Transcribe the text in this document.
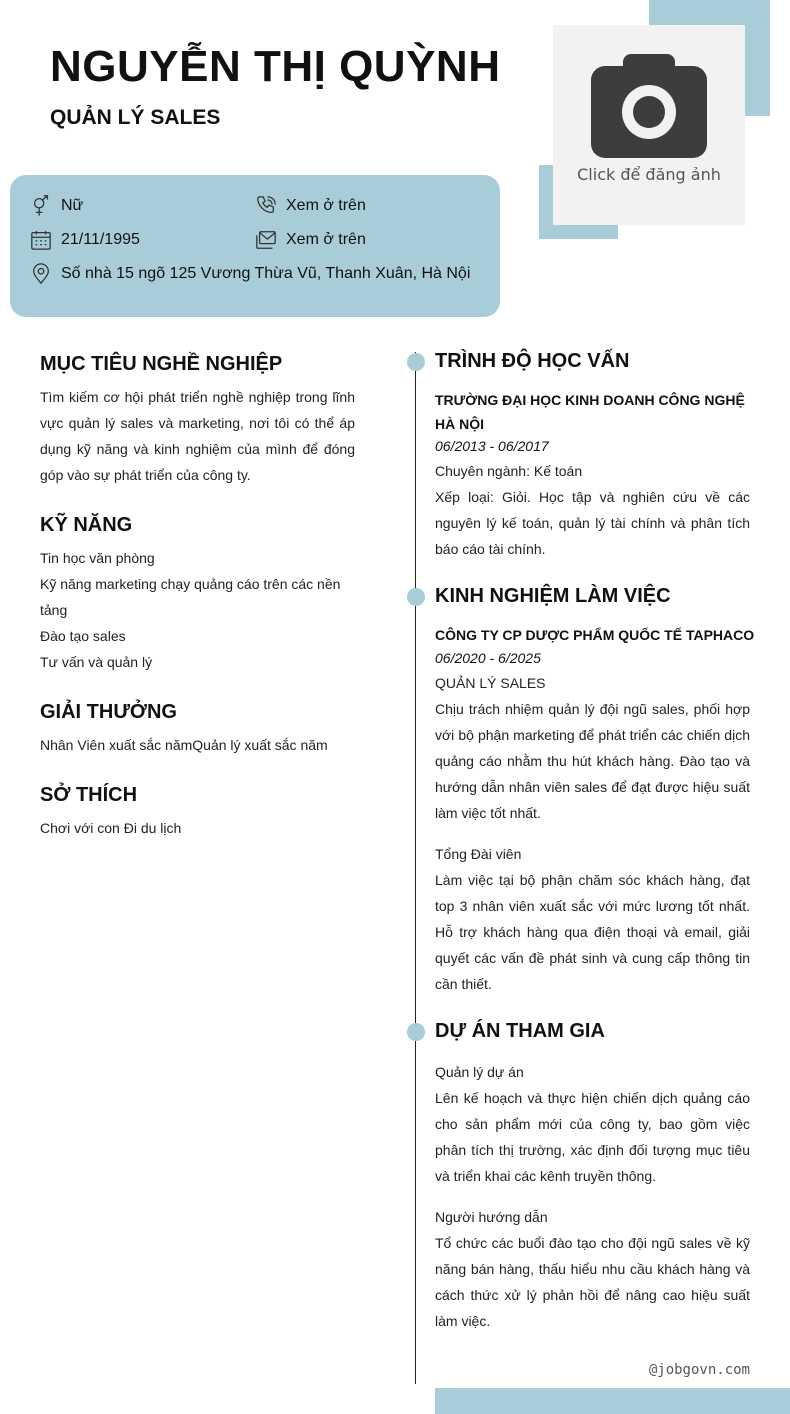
NGUYỄN THỊ QUỲNH
QUẢN LÝ SALES
Click để đăng ảnh
Nữ	Xem ở trên
21/11/1995	Xem ở trên
Số nhà 15 ngõ 125 Vương Thừa Vũ, Thanh Xuân, Hà Nội
MỤC TIÊU NGHỀ NGHIỆP
Tìm kiếm cơ hội phát triển nghề nghiệp trong lĩnh vực quản lý sales và marketing, nơi tôi có thể áp dụng kỹ năng và kinh nghiệm của mình để đóng góp vào sự phát triển của công ty.
KỸ NĂNG
Tin học văn phòng
Kỹ năng marketing chạy quảng cáo trên các nền tảng
Đào tạo sales
Tư vấn và quản lý
GIẢI THƯỞNG
Nhân Viên xuất sắc nămQuản lý xuất sắc năm
SỞ THÍCH
Chơi với con Đi du lịch
TRÌNH ĐỘ HỌC VẤN
TRƯỜNG ĐẠI HỌC KINH DOANH CÔNG NGHỆ HÀ NỘI
06/2013 - 06/2017
Chuyên ngành: Kế toán
Xếp loại: Giỏi. Học tập và nghiên cứu về các nguyên lý kế toán, quản lý tài chính và phân tích báo cáo tài chính.
KINH NGHIỆM LÀM VIỆC
CÔNG TY CP DƯỢC PHẨM QUỐC TẾ TAPHACO
06/2020 - 6/2025
QUẢN LÝ SALES
Chịu trách nhiệm quản lý đội ngũ sales, phối hợp với bộ phận marketing để phát triển các chiến dịch quảng cáo nhằm thu hút khách hàng. Đào tạo và hướng dẫn nhân viên sales để đạt được hiệu suất làm việc tốt nhất.
Tổng Đài viên
Làm việc tại bộ phận chăm sóc khách hàng, đạt top 3 nhân viên xuất sắc với mức lương tốt nhất. Hỗ trợ khách hàng qua điện thoại và email, giải quyết các vấn đề phát sinh và cung cấp thông tin cần thiết.
DỰ ÁN THAM GIA
Quản lý dự án
Lên kế hoạch và thực hiện chiến dịch quảng cáo cho sản phẩm mới của công ty, bao gồm việc phân tích thị trường, xác định đối tượng mục tiêu và triển khai các kênh truyền thông.
Người hướng dẫn
Tổ chức các buổi đào tạo cho đội ngũ sales về kỹ năng bán hàng, thấu hiểu nhu cầu khách hàng và cách thức xử lý phản hồi để nâng cao hiệu suất làm việc.
@jobgovn.com
